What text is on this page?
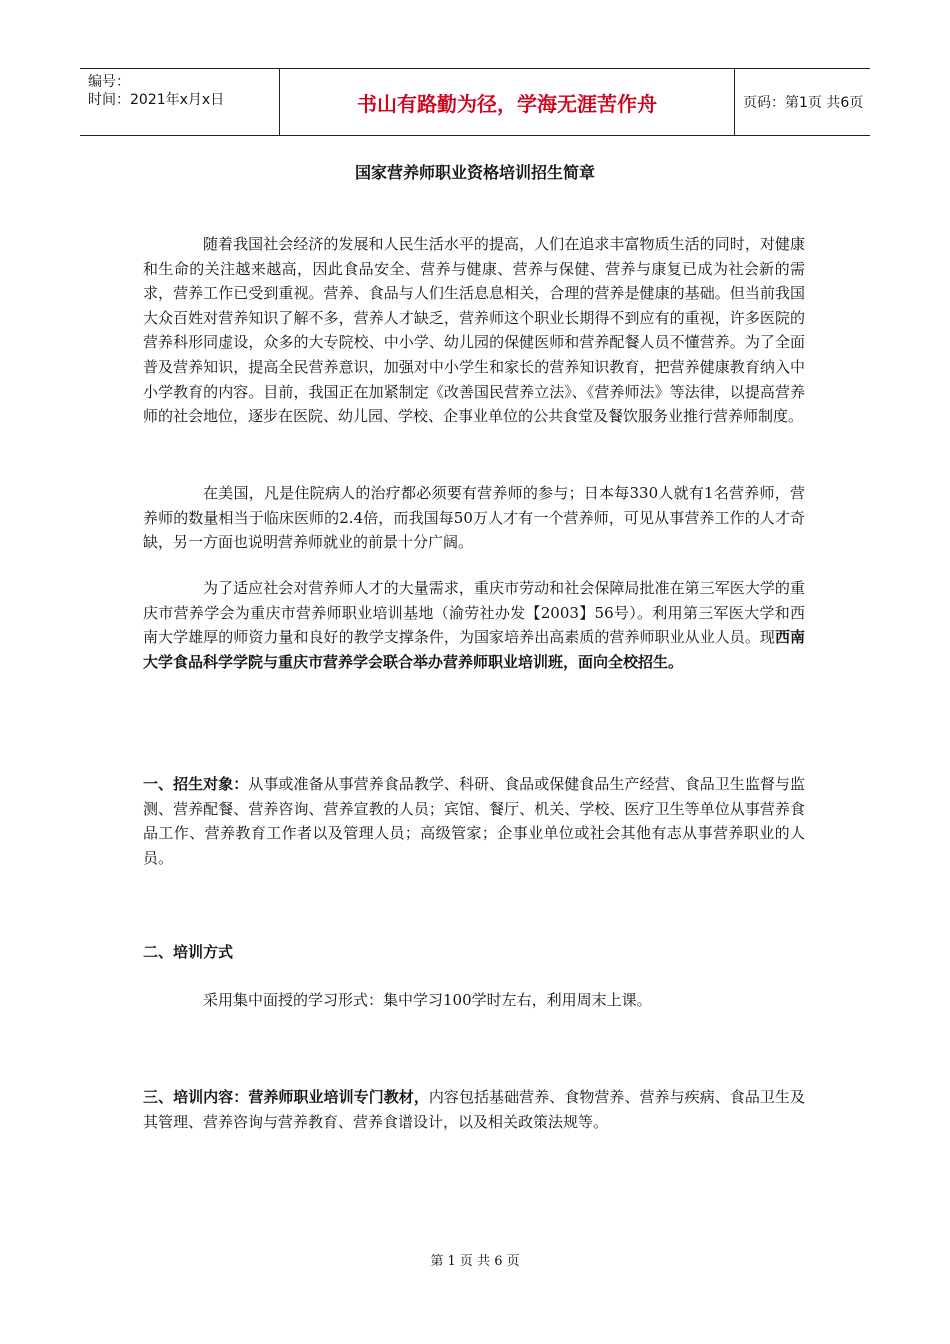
编号：
时间：2021年x月x日	书山有路勤为径，学海无涯苦作舟	页码：第1页 共6页
国家营养师职业资格培训招生简章

随着我国社会经济的发展和人民生活水平的提高，人们在追求丰富物质生活的同时，对健康和生命的关注越来越高，因此食品安全、营养与健康、营养与保健、营养与康复已成为社会新的需求，营养工作已受到重视。营养、食品与人们生活息息相关，合理的营养是健康的基础。但当前我国大众百姓对营养知识了解不多，营养人才缺乏，营养师这个职业长期得不到应有的重视，许多医院的营养科形同虚设，众多的大专院校、中小学、幼儿园的保健医师和营养配餐人员不懂营养。为了全面普及营养知识，提高全民营养意识，加强对中小学生和家长的营养知识教育，把营养健康教育纳入中小学教育的内容。目前，我国正在加紧制定《改善国民营养立法》、《营养师法》等法律，以提高营养师的社会地位，逐步在医院、幼儿园、学校、企事业单位的公共食堂及餐饮服务业推行营养师制度。

在美国，凡是住院病人的治疗都必须要有营养师的参与；日本每330人就有1名营养师，营养师的数量相当于临床医师的2.4倍，而我国每50万人才有一个营养师，可见从事营养工作的人才奇缺，另一方面也说明营养师就业的前景十分广阔。

为了适应社会对营养师人才的大量需求，重庆市劳动和社会保障局批准在第三军医大学的重庆市营养学会为重庆市营养师职业培训基地（渝劳社办发【2003】56号）。利用第三军医大学和西南大学雄厚的师资力量和良好的教学支撑条件，为国家培养出高素质的营养师职业从业人员。现西南大学食品科学学院与重庆市营养学会联合举办营养师职业培训班，面向全校招生。

一、招生对象：从事或准备从事营养食品教学、科研、食品或保健食品生产经营、食品卫生监督与监测、营养配餐、营养咨询、营养宣教的人员；宾馆、餐厅、机关、学校、医疗卫生等单位从事营养食品工作、营养教育工作者以及管理人员；高级管家；企事业单位或社会其他有志从事营养职业的人员。

二、培训方式

采用集中面授的学习形式：集中学习100学时左右，利用周末上课。

三、培训内容：营养师职业培训专门教材，内容包括基础营养、食物营养、营养与疾病、食品卫生及其管理、营养咨询与营养教育、营养食谱设计，以及相关政策法规等。

第 1 页 共 6 页
